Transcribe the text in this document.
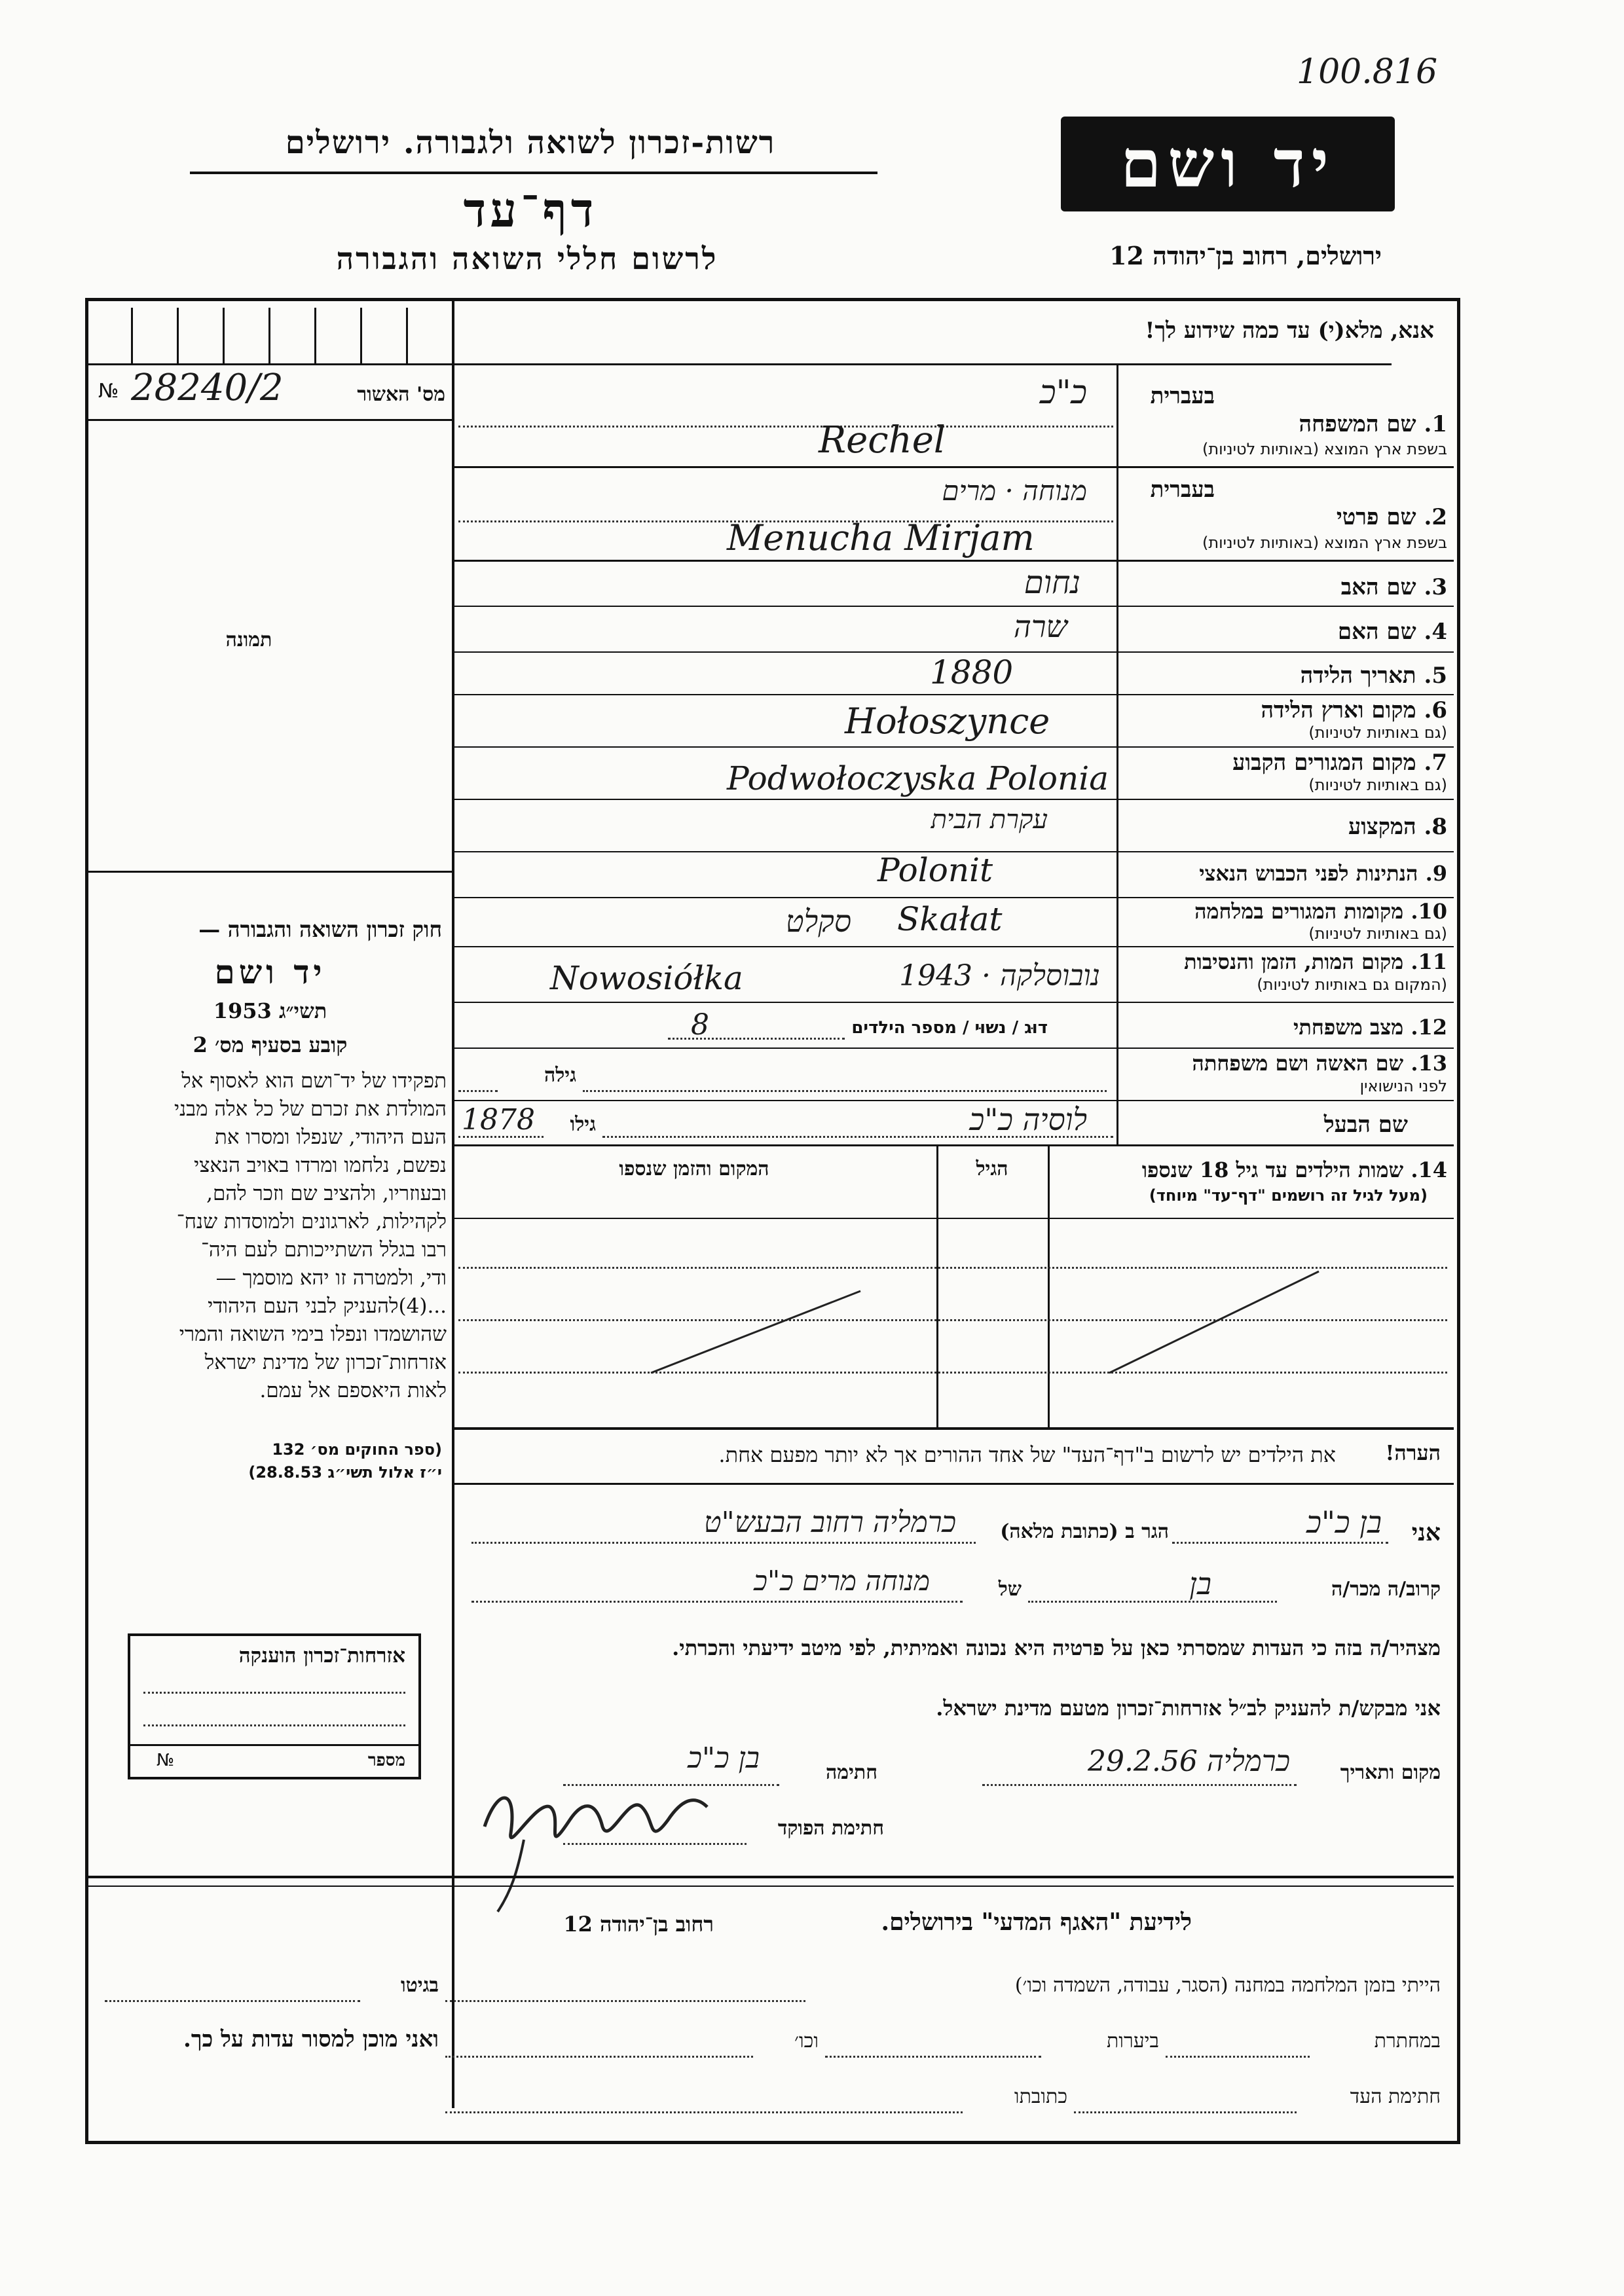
100.816
רשות-זכרון לשואה ולגבורה. ירושלים
דף־עד
לרשום חללי השואה והגבורה
יד ושם
ירושלים, רחוב בן־יהודה 12
אנא, מלא(י) עד כמה שידוע לך!
№ 28240/2	מס' האשור
תמונה
חוק זכרון השואה והגבורה —
יד ושם
תשי״ג 1953
קובע בסעיף מס׳ 2
תפקידו של יד־ושם הוא לאסוף אל
המולדת את זכרם של כל אלה מבני
העם היהודי, שנפלו ומסרו את
נפשם, נלחמו ומרדו באויב הנאצי
ובעוזריו, ולהציב שם וזכר להם,
לקהילות, לארגונים ולמוסדות שנח־
רבו בגלל השתייכותם לעם היה־
ודי, ולמטרה זו יהא מוסמך —
...(4)להעניק לבני העם היהודי
שהושמדו ונפלו בימי השואה והמרי
אזרחות־זכרון של מדינת ישראל
לאות היאספם אל עמם.
(ספר החוקים מס׳ 132
י״ז אלול תשי״ג 28.8.53)
אזרחות־זכרון הוענקה
№	מספר
בעברית
1. שם המשפחה
בשפת ארץ המוצא (באותיות לטיניות)
כ"כ
Rechel
בעברית
2. שם פרטי
בשפת ארץ המוצא (באותיות לטיניות)
מנוחה · מרים
Menucha Mirjam
3. שם האב
נחום
4. שם האם
שרה
5. תאריך הלידה
1880
6. מקום וארץ הלידה
(גם באותיות לטיניות)
Hołoszynce
7. מקום המגורים הקבוע
(גם באותיות לטיניות)
Podwołoczyska Polonia
8. המקצוע
עקרת הבית
9. הנתינות לפני הכבוש הנאצי
Polonit
10. מקומות המגורים במלחמה
(גם באותיות לטיניות)
סקלט Skałat
11. מקום המות, הזמן והנסיבות
(המקום גם באותיות לטיניות)
Nowosiółka	נובוסלקה · 1943
12. מצב משפחתי
דוּג / נשוּי / מספר הילדים
8
13. שם האשה ושם משפחתה
לפני הנישואין
גילה
שם הבעל
לוסיה כ"כ
גילו
1878
14. שמות הילדים עד גיל 18 שנספו
(מעל לגיל זה רושמים "דף־עד" מיוחד)
הגיל
המקום והזמן שנספו
הערה!
את הילדים יש לרשום ב"דף־העד" של אחד ההורים אך לא יותר מפעם אחת.
אני
בן כ"כ
הגר ב (כתובת מלאה)
כרמליה רחוב הבעש"ט
קרוב/ה מכר/ה
בן
של
מנוחה מרים כ"כ
מצהיר/ה בזה כי העדות שמסרתי כאן על פרטיה היא נכונה ואמיתית, לפי מיטב ידיעתי והכרתי.
אני מבקש/ת להעניק לב״ל אזרחות־זכרון מטעם מדינת ישראל.
מקום ותאריך
כרמליה 29.2.56
חתימה
בן כ"כ
חתימת הפוקד
לידיעת "האגף המדעי" בירושלים.
רחוב בן־יהודה 12
הייתי בזמן המלחמה במחנה (הסגר, עבודה, השמדה וכו׳)
בגיטו
במחתרת
ביערות
וכו׳
ואני מוכן למסור עדות על כך.
חתימת העד
כתובתו
